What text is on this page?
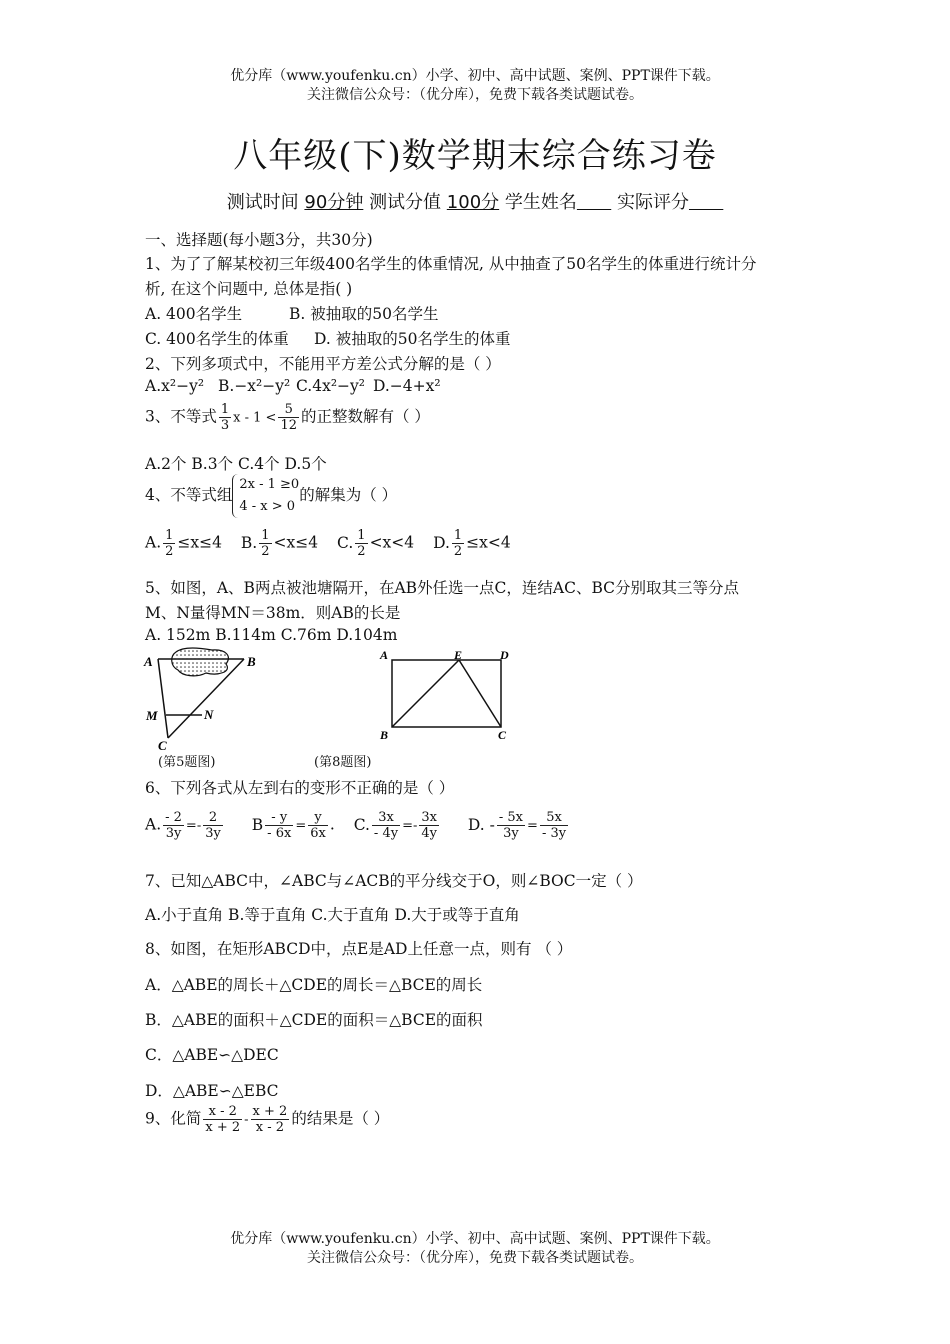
优分库（www.youfenku.cn）小学、初中、高中试题、案例、PPT课件下载。
关注微信公众号：（优分库），免费下载各类试题试卷。
八年级(下)数学期末综合练习卷
测试时间 90分钟 测试分值 100分 学生姓名 实际评分
一、选择题(每小题3分，共30分)
1、为了了解某校初三年级400名学生的体重情况, 从中抽查了50名学生的体重进行统计分
析, 在这个问题中, 总体是指( )
A. 400名学生	B. 被抽取的50名学生
C. 400名学生的体重 D. 被抽取的50名学生的体重
2、下列多项式中，不能用平方差公式分解的是（ ）
A.x²−y² B.−x²−y² C.4x²−y² D.−4+x²
3、不等式 $\frac{1}{3}$ $x - 1 < \frac{5}{12}$ 的正整数解有（ ）
A.2个 B.3个 C.4个 D.5个
4、不等式组
2x - 1 ≥0
4 - x > 0
的解集为（ ）
A. $\frac{1}{2} \le x\le 4$ B. $\frac{1}{2} <x\le 4$ C. $\frac{1}{2} <x<4$ D. $\frac{1}{2} \le x<4$
5、如图，A、B两点被池塘隔开，在AB外任选一点C，连结AC、BC分别取其三等分点
M、N量得MN＝38m．则AB的长是
A. 152m B.114m C.76m D.104m
A	B
M	N
C
(第5题图)
A	E	D
B	C
(第8题图)
6、下列各式从左到右的变形不正确的是（ ）
A. $\frac{- 2}{3y} =- \frac{2}{3y}$ B $\frac{- y}{- 6x} = \frac{y}{6x}$ . C. $\frac{3x}{- 4y} =- \frac{3x}{4y} D$. - $\frac{- 5x}{3y} = \frac{5x}{- 3y}$
7、已知△ABC中，∠ABC与∠ACB的平分线交于O，则∠BOC一定（ ）
A.小于直角 B.等于直角 C.大于直角 D.大于或等于直角
8、如图，在矩形ABCD中，点E是AD上任意一点，则有 （ ）
A．△ABE的周长＋△CDE的周长＝△BCE的周长
B．△ABE的面积＋△CDE的面积＝△BCE的面积
C．△ABE∽△DEC
D．△ABE∽△EBC
9、化简 $\frac{x - 2}{x + 2} - \frac{x + 2}{x - 2}$ 的结果是（ ）
优分库（www.youfenku.cn）小学、初中、高中试题、案例、PPT课件下载。
关注微信公众号：（优分库），免费下载各类试题试卷。
